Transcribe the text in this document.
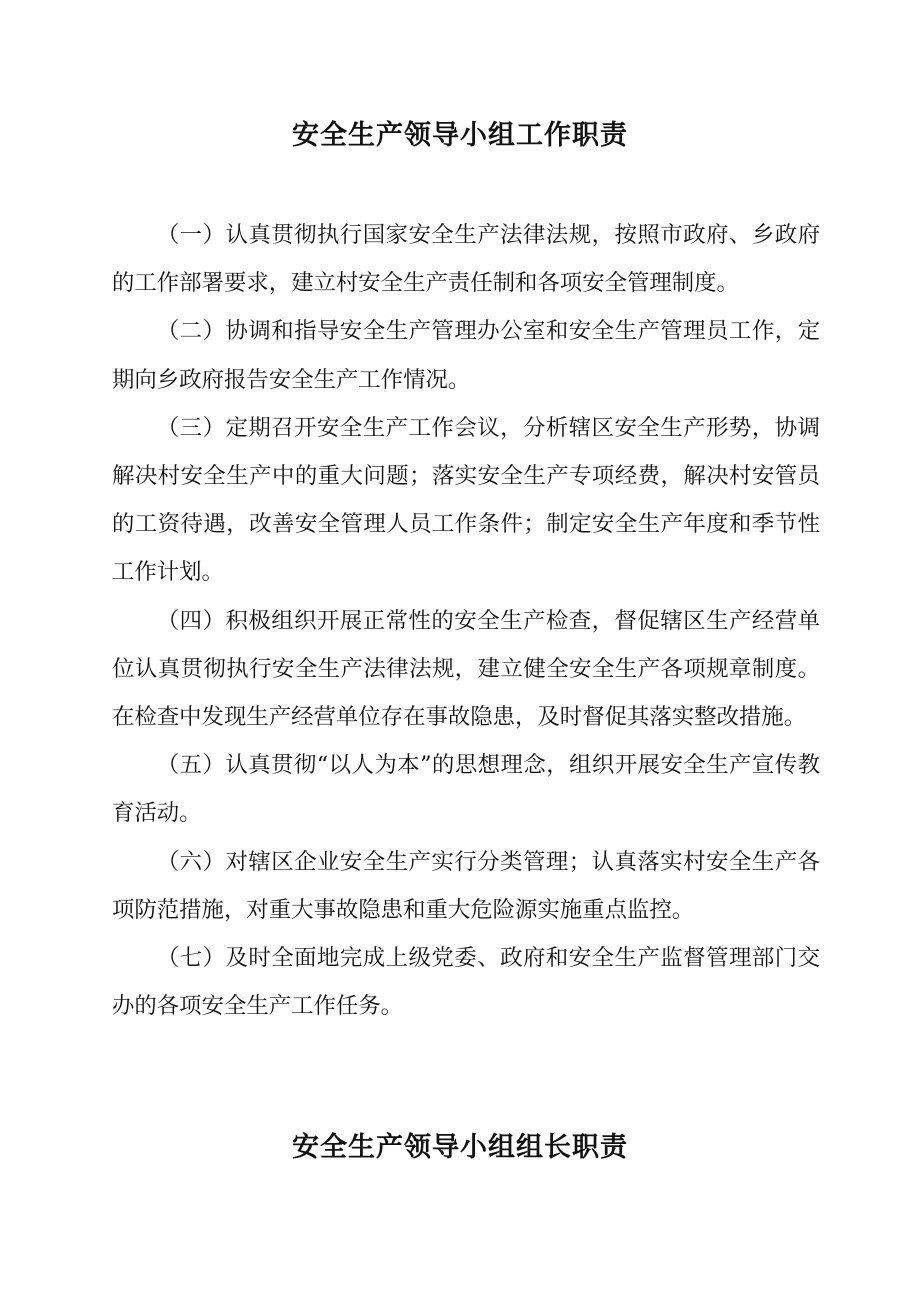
安全生产领导小组工作职责

（一）认真贯彻执行国家安全生产法律法规，按照市政府、乡政府的工作部署要求，建立村安全生产责任制和各项安全管理制度。

（二）协调和指导安全生产管理办公室和安全生产管理员工作，定期向乡政府报告安全生产工作情况。

（三）定期召开安全生产工作会议，分析辖区安全生产形势，协调解决村安全生产中的重大问题；落实安全生产专项经费，解决村安管员的工资待遇，改善安全管理人员工作条件；制定安全生产年度和季节性工作计划。

（四）积极组织开展正常性的安全生产检查，督促辖区生产经营单位认真贯彻执行安全生产法律法规，建立健全安全生产各项规章制度。在检查中发现生产经营单位存在事故隐患，及时督促其落实整改措施。

（五）认真贯彻“以人为本”的思想理念，组织开展安全生产宣传教育活动。

（六）对辖区企业安全生产实行分类管理；认真落实村安全生产各项防范措施，对重大事故隐患和重大危险源实施重点监控。

（七）及时全面地完成上级党委、政府和安全生产监督管理部门交办的各项安全生产工作任务。

安全生产领导小组组长职责
